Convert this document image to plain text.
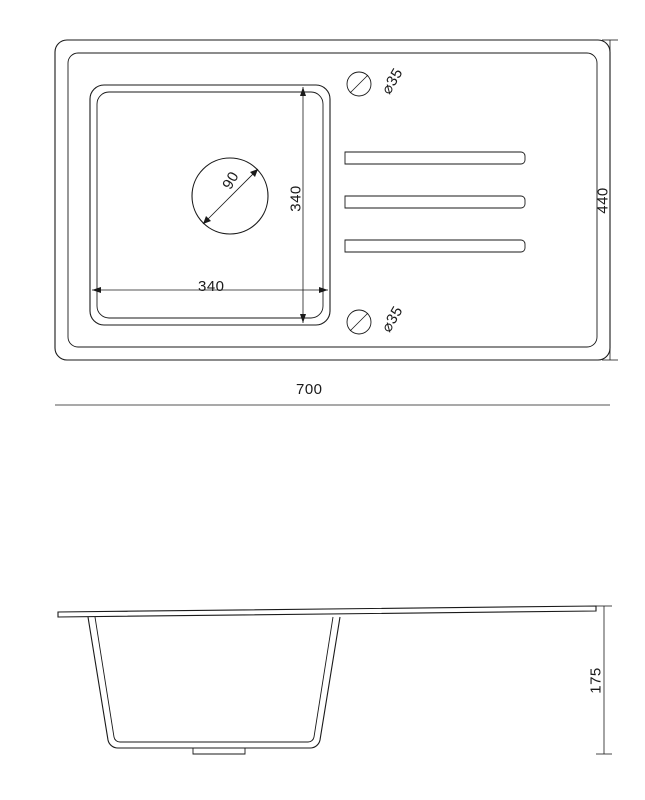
700
440
175
340
340
90
⌀35
⌀35
